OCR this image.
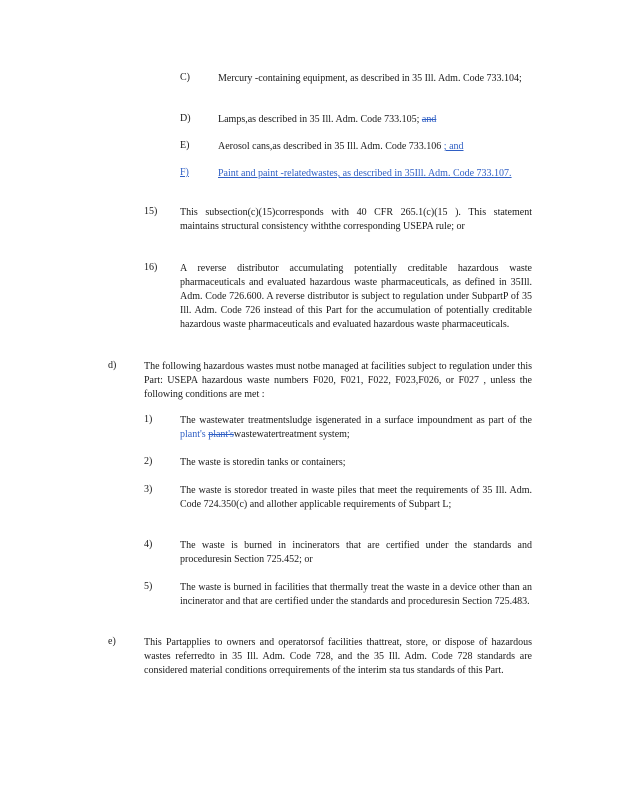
C)	Mercury -containing equipment, as described in 35 Ill. Adm. Code 733.104;
D)	Lamps,as described in 35 Ill. Adm. Code 733.105; and
E)	Aerosol cans,as described in 35 Ill. Adm. Code 733.106 ; and
F)	Paint and paint -relatedwastes, as described in 35Ill. Adm. Code 733.107.
15) This subsection(c)(15)corresponds with 40 CFR 265.1(c)(15 ). This statement maintains structural consistency withthe corresponding USEPA rule; or
16) A reverse distributor accumulating potentially creditable hazardous waste pharmaceuticals and evaluated hazardous waste pharmaceuticals, as defined in 35Ill. Adm. Code 726.600. A reverse distributor is subject to regulation under SubpartP of 35 Ill. Adm. Code 726 instead of this Part for the accumulation of potentially creditable hazardous waste pharmaceuticals and evaluated hazardous waste pharmaceuticals.
d)	The following hazardous wastes must notbe managed at facilities subject to regulation under this Part: USEPA hazardous waste numbers F020, F021, F022, F023,F026, or F027 , unless the following conditions are met :
1)	The wastewater treatmentsludge isgenerated in a surface impoundment as part of the plant's plant'swastewatertreatment system;
2)	The waste is storedin tanks or containers;
3)	The waste is storedor treated in waste piles that meet the requirements of 35 Ill. Adm. Code 724.350(c) and allother applicable requirements of Subpart L;
4)	The waste is burned in incinerators that are certified under the standards and proceduresin Section 725.452; or
5)	The waste is burned in facilities that thermally treat the waste in a device other than an incinerator and that are certified under the standards and proceduresin Section 725.483.
e)	This Partapplies to owners and operatorsof facilities thattreat, store, or dispose of hazardous wastes referredto in 35 Ill. Adm. Code 728, and the 35 Ill. Adm. Code 728 standards are considered material conditions orrequirements of the interim sta tus standards of this Part.
